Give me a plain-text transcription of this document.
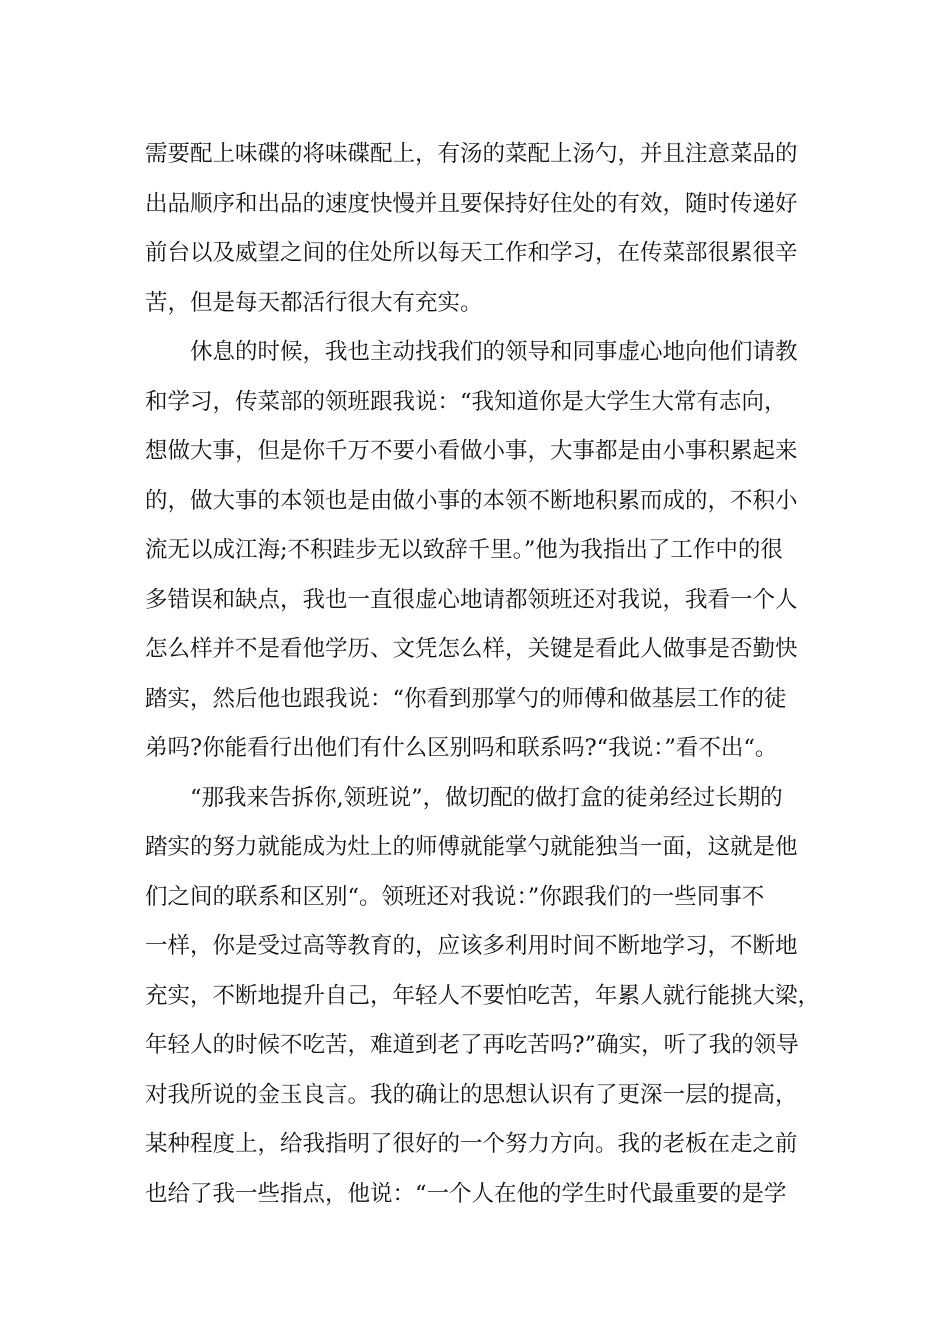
需要配上味碟的将味碟配上，有汤的菜配上汤勺，并且注意菜品的
出品顺序和出品的速度快慢并且要保持好住处的有效，随时传递好
前台以及威望之间的住处所以每天工作和学习，在传菜部很累很辛
苦，但是每天都活行很大有充实。
休息的时候，我也主动找我们的领导和同事虚心地向他们请教
和学习，传菜部的领班跟我说：“我知道你是大学生大常有志向，
想做大事，但是你千万不要小看做小事，大事都是由小事积累起来
的，做大事的本领也是由做小事的本领不断地积累而成的，不积小
流无以成江海;不积跬步无以致辞千里。”他为我指出了工作中的很
多错误和缺点，我也一直很虚心地请都领班还对我说，我看一个人
怎么样并不是看他学历、文凭怎么样，关键是看此人做事是否勤快
踏实，然后他也跟我说：“你看到那掌勺的师傅和做基层工作的徒
弟吗?你能看行出他们有什么区别吗和联系吗?“我说：”看不出“。
“那我来告拆你,领班说”，做切配的做打盒的徒弟经过长期的
踏实的努力就能成为灶上的师傅就能掌勺就能独当一面，这就是他
们之间的联系和区别“。领班还对我说：”你跟我们的一些同事不
一样，你是受过高等教育的，应该多利用时间不断地学习，不断地
充实，不断地提升自己，年轻人不要怕吃苦，年累人就行能挑大梁，
年轻人的时候不吃苦，难道到老了再吃苦吗?”确实，听了我的领导
对我所说的金玉良言。我的确让的思想认识有了更深一层的提高，
某种程度上，给我指明了很好的一个努力方向。我的老板在走之前
也给了我一些指点，他说：“一个人在他的学生时代最重要的是学
